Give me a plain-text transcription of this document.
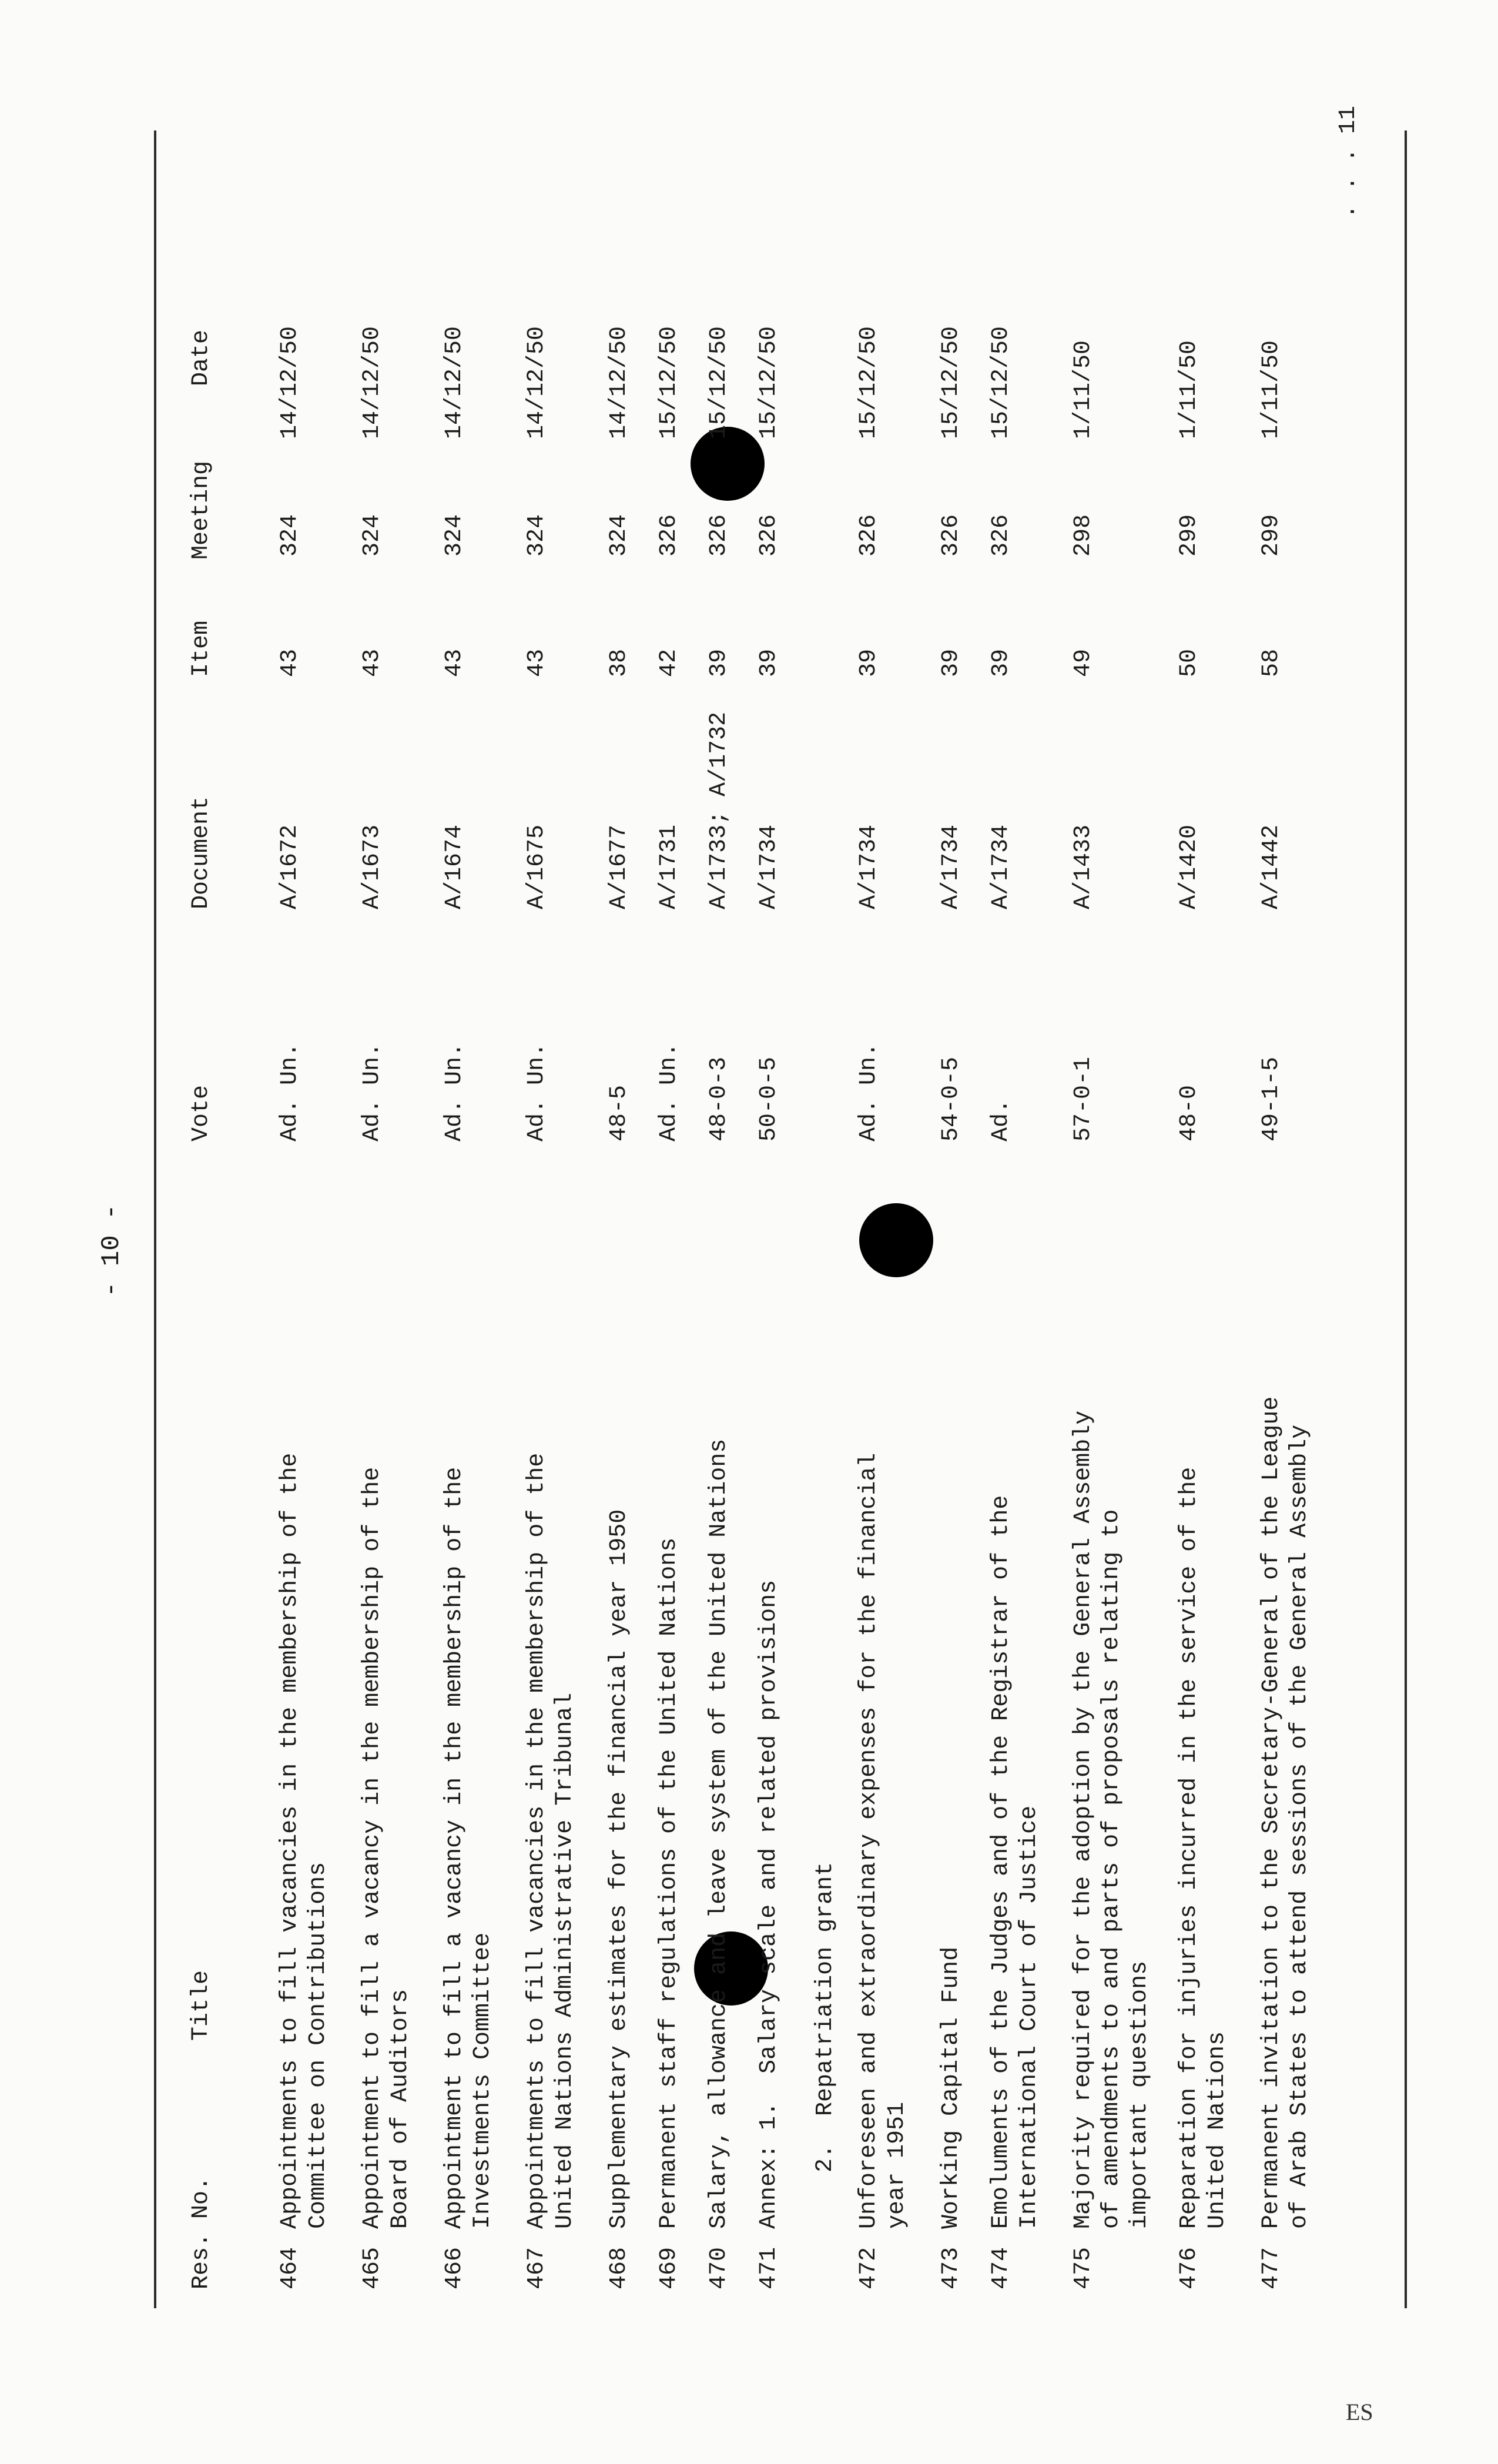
- 10 -
Res. No.
Title
Vote
Document
Item
Meeting
Date
464
Appointments to fill vacancies in the membership of the
Committee on Contributions
Ad. Un.
A/1672
43
324
14/12/50
465
Appointment to fill a vacancy in the membership of the
Board of Auditors
Ad. Un.
A/1673
43
324
14/12/50
466
Appointment to fill a vacancy in the membership of the
Investments Committee
Ad. Un.
A/1674
43
324
14/12/50
467
Appointments to fill vacancies in the membership of the
United Nations Administrative Tribunal
Ad. Un.
A/1675
43
324
14/12/50
468
Supplementary estimates for the financial year 1950
48-5
A/1677
38
324
14/12/50
469
Permanent staff regulations of the United Nations
Ad. Un.
A/1731
42
326
15/12/50
470
Salary, allowance and leave system of the United Nations
48-0-3
A/1733; A/1732
39
326
15/12/50
471
Annex: 1.  Salary scale and related provisions

2.  Repatriation grant
50-0-5
A/1734
39
326
15/12/50
472
Unforeseen and extraordinary expenses for the financial
year 1951
Ad. Un.
A/1734
39
326
15/12/50
473
Working Capital Fund
54-0-5
A/1734
39
326
15/12/50
474
Emoluments of the Judges and of the Registrar of the
International Court of Justice
Ad.
A/1734
39
326
15/12/50
475
Majority required for the adoption by the General Assembly
of amendments to and parts of proposals relating to
important questions
57-0-1
A/1433
49
298
1/11/50
476
Reparation for injuries incurred in the service of the
United Nations
48-0
A/1420
50
299
1/11/50
477
Permanent invitation to the Secretary-General of the League
of Arab States to attend sessions of the General Assembly
49-1-5
A/1442
58
299
1/11/50
. . . 11
ES
